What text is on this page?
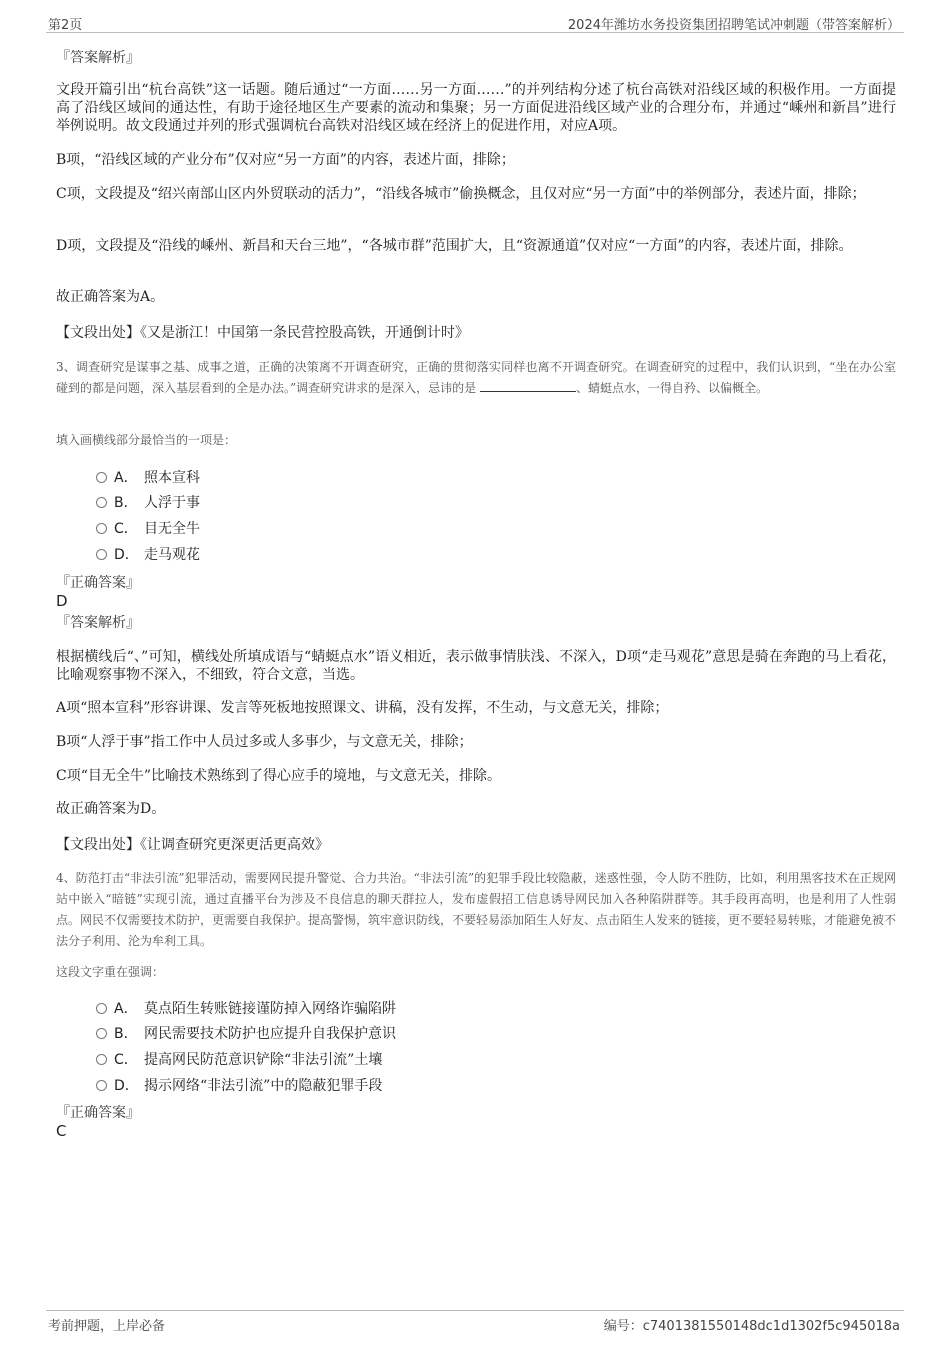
第2页	2024年潍坊水务投资集团招聘笔试冲刺题（带答案解析）
『答案解析』
文段开篇引出“杭台高铁”这一话题。随后通过“一方面……另一方面……”的并列结构分述了杭台高铁对沿线区域的积极作用。一方面提高了沿线区域间的通达性，有助于途径地区生产要素的流动和集聚；另一方面促进沿线区域产业的合理分布，并通过“嵊州和新昌”进行举例说明。故文段通过并列的形式强调杭台高铁对沿线区域在经济上的促进作用，对应A项。
B项，“沿线区域的产业分布”仅对应“另一方面”的内容，表述片面，排除；
C项，文段提及“绍兴南部山区内外贸联动的活力”，“沿线各城市”偷换概念，且仅对应“另一方面”中的举例部分，表述片面，排除；
D项，文段提及“沿线的嵊州、新昌和天台三地”，“各城市群”范围扩大，且“资源通道”仅对应“一方面”的内容，表述片面，排除。
故正确答案为A。
【文段出处】《又是浙江！中国第一条民营控股高铁，开通倒计时》
3、调查研究是谋事之基、成事之道，正确的决策离不开调查研究，正确的贯彻落实同样也离不开调查研究。在调查研究的过程中，我们认识到，“坐在办公室碰到的都是问题，深入基层看到的全是办法。”调查研究讲求的是深入，忌讳的是	、蜻蜓点水，一得自矜、以偏概全。
填入画横线部分最恰当的一项是：
A． 照本宣科
B． 人浮于事
C． 目无全牛
D． 走马观花
『正确答案』
D
『答案解析』
根据横线后“、”可知，横线处所填成语与“蜻蜓点水”语义相近，表示做事情肤浅、不深入，D项“走马观花”意思是骑在奔跑的马上看花，比喻观察事物不深入，不细致，符合文意，当选。
A项“照本宣科”形容讲课、发言等死板地按照课文、讲稿，没有发挥，不生动，与文意无关，排除；
B项“人浮于事”指工作中人员过多或人多事少，与文意无关，排除；
C项“目无全牛”比喻技术熟练到了得心应手的境地，与文意无关，排除。
故正确答案为D。
【文段出处】《让调查研究更深更活更高效》
4、防范打击“非法引流”犯罪活动，需要网民提升警觉、合力共治。“非法引流”的犯罪手段比较隐蔽，迷惑性强，令人防不胜防，比如，利用黑客技术在正规网站中嵌入“暗链”实现引流，通过直播平台为涉及不良信息的聊天群拉人，发布虚假招工信息诱导网民加入各种陷阱群等。其手段再高明，也是利用了人性弱点。网民不仅需要技术防护，更需要自我保护。提高警惕，筑牢意识防线，不要轻易添加陌生人好友、点击陌生人发来的链接，更不要轻易转账，才能避免被不法分子利用、沦为牟利工具。
这段文字重在强调：
A． 莫点陌生转账链接谨防掉入网络诈骗陷阱
B． 网民需要技术防护也应提升自我保护意识
C． 提高网民防范意识铲除“非法引流”土壤
D． 揭示网络“非法引流”中的隐蔽犯罪手段
『正确答案』
C
考前押题，上岸必备	编号：c7401381550148dc1d1302f5c945018a
